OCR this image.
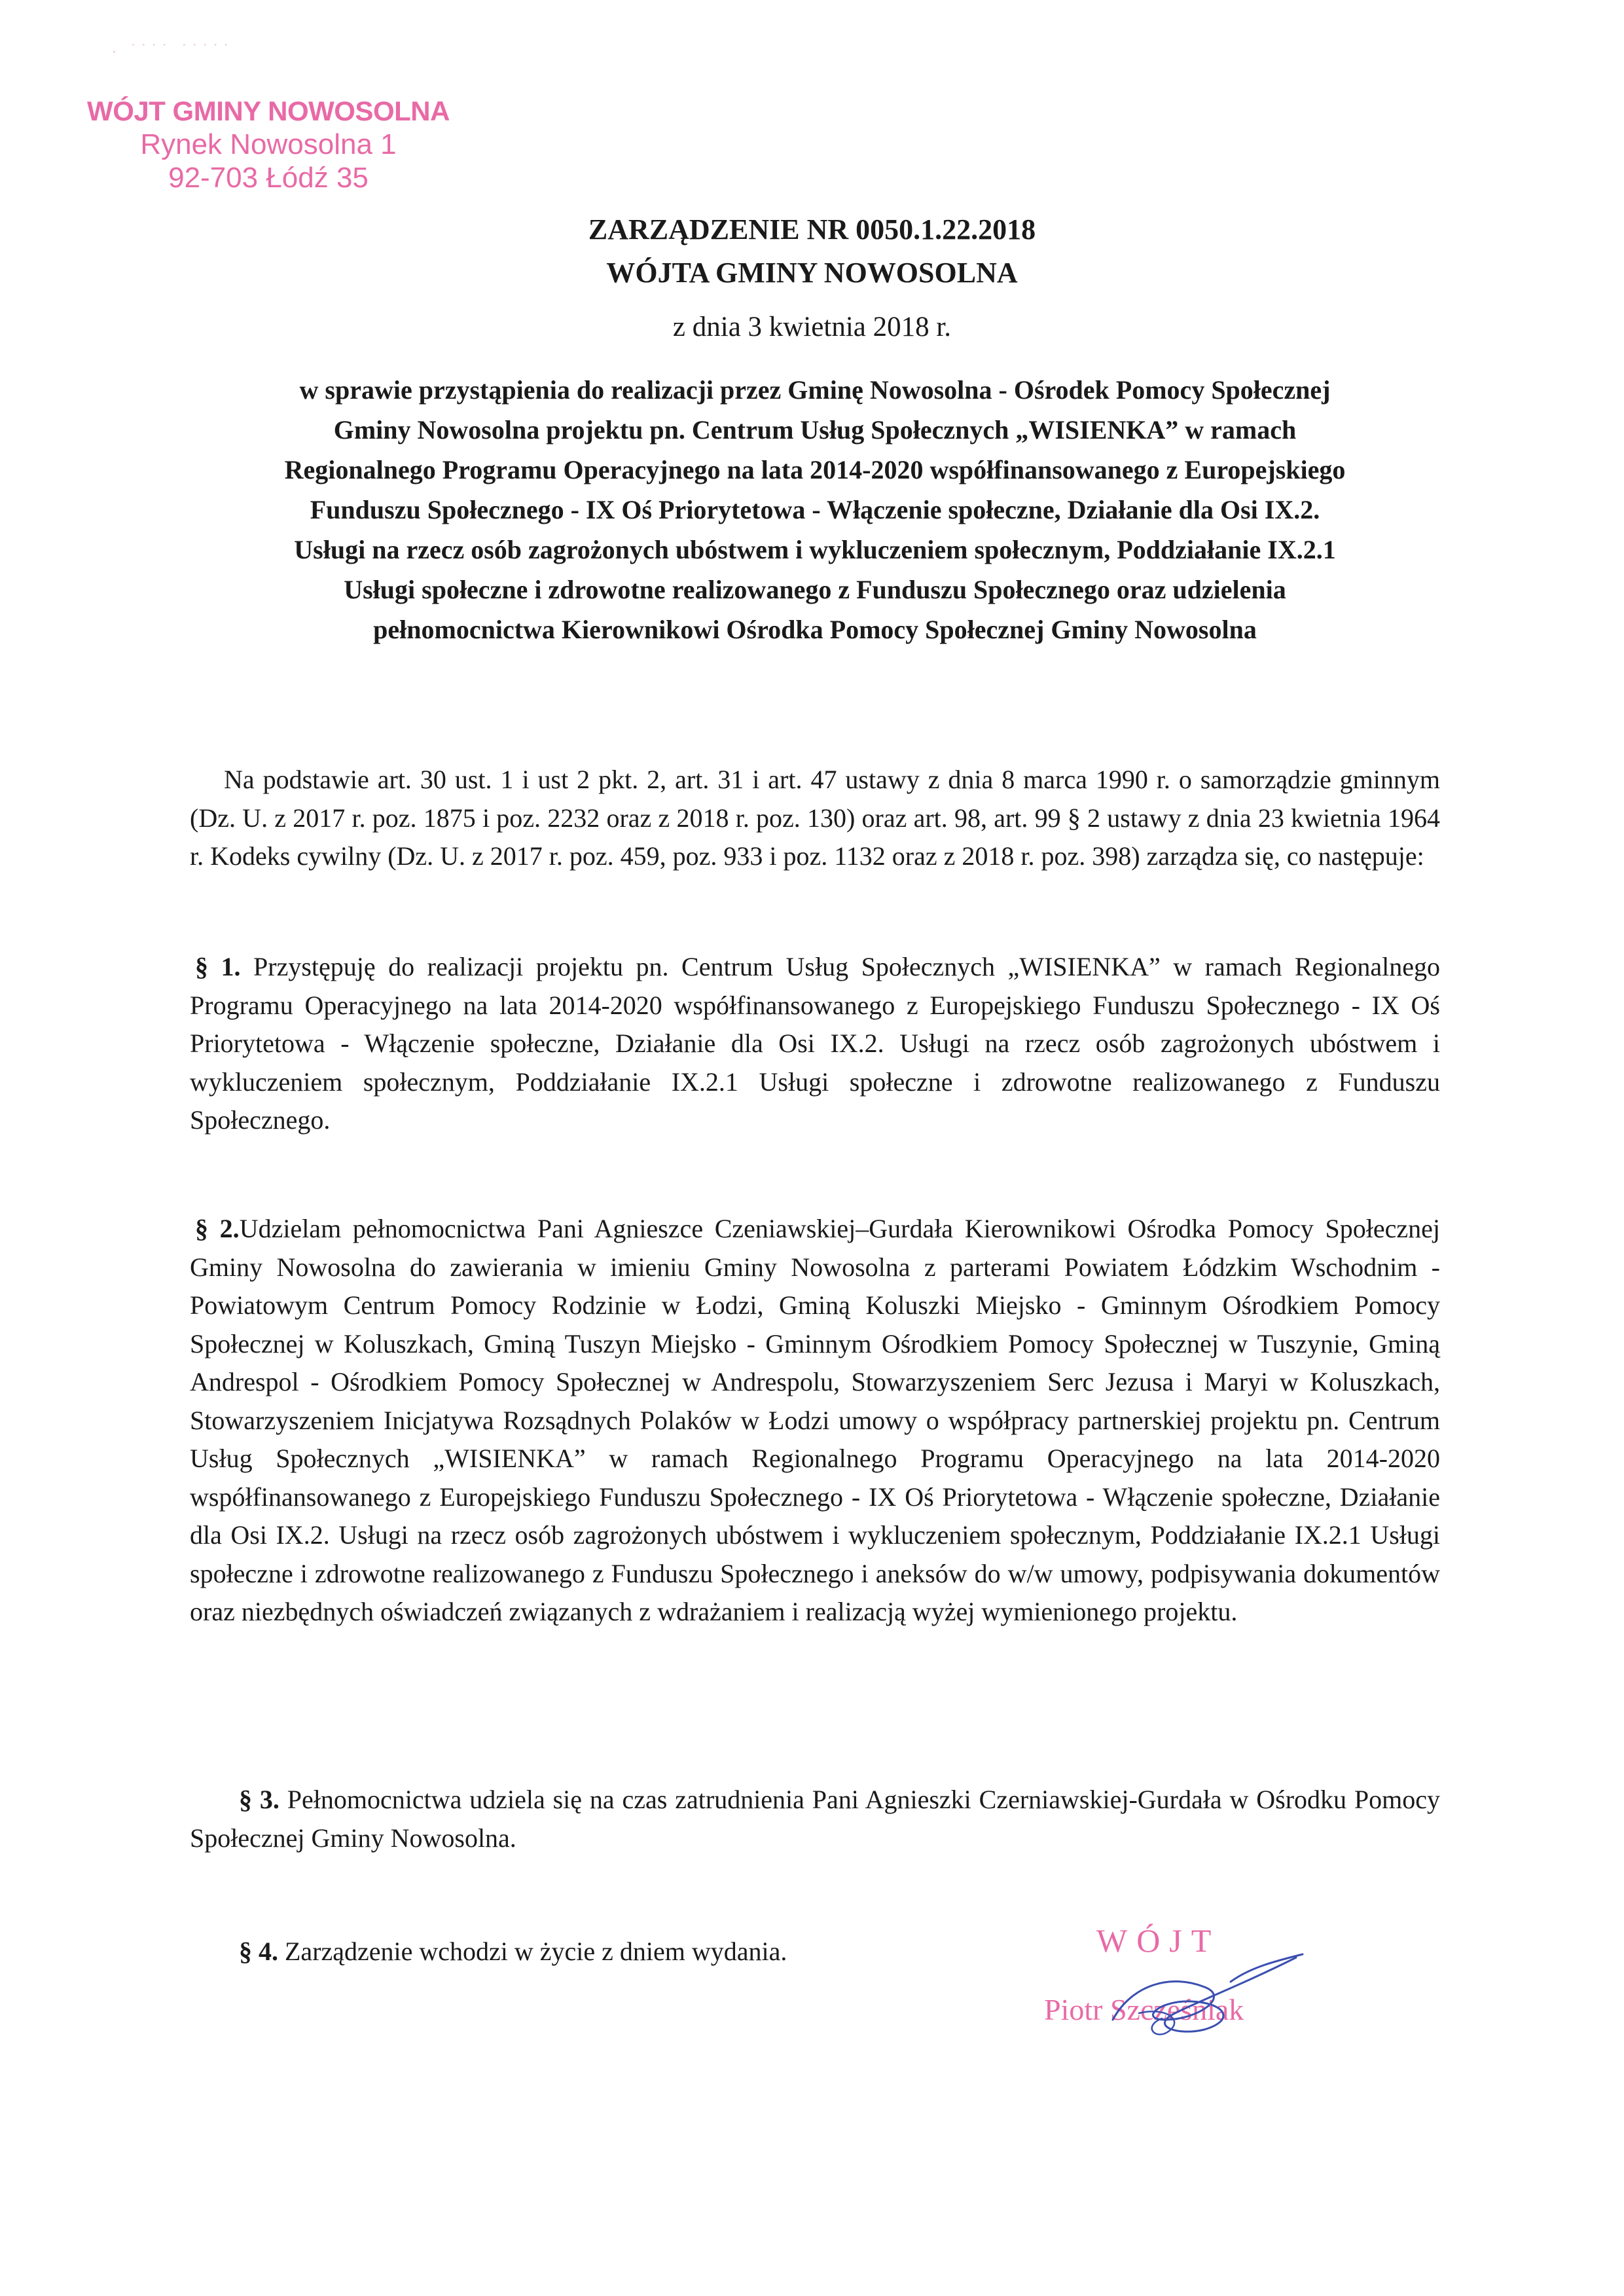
·   ˙ ˙ ˙ ˙   ˙ ˙ ˙ ˙ ˙
WÓJT GMINY NOWOSOLNA
Rynek Nowosolna 1
92-703 Łódź 35
ZARZĄDZENIE NR 0050.1.22.2018
WÓJTA GMINY NOWOSOLNA
z dnia 3 kwietnia 2018 r.
w sprawie przystąpienia do realizacji przez Gminę Nowosolna - Ośrodek Pomocy Społecznej
Gminy Nowosolna projektu pn. Centrum Usług Społecznych „WISIENKA” w ramach
Regionalnego Programu Operacyjnego na lata 2014-2020 współfinansowanego z Europejskiego
Funduszu Społecznego - IX Oś Priorytetowa - Włączenie społeczne, Działanie dla Osi IX.2.
Usługi na rzecz osób zagrożonych ubóstwem i wykluczeniem społecznym, Poddziałanie IX.2.1
Usługi społeczne i zdrowotne realizowanego z Funduszu Społecznego oraz udzielenia
pełnomocnictwa Kierownikowi Ośrodka Pomocy Społecznej Gminy Nowosolna
Na podstawie art. 30 ust. 1 i ust 2 pkt. 2, art. 31 i art. 47 ustawy z dnia 8 marca 1990 r. o samorządzie gminnym (Dz. U. z 2017 r. poz. 1875 i poz. 2232 oraz z 2018 r. poz. 130) oraz art. 98, art. 99 § 2 ustawy z dnia 23 kwietnia 1964 r. Kodeks cywilny (Dz. U. z 2017 r. poz. 459, poz. 933 i poz. 1132 oraz z 2018 r. poz. 398) zarządza się, co następuje:
§ 1. Przystępuję do realizacji projektu pn. Centrum Usług Społecznych „WISIENKA” w ramach Regionalnego Programu Operacyjnego na lata 2014-2020 współfinansowanego z Europejskiego Funduszu Społecznego - IX Oś Priorytetowa - Włączenie społeczne, Działanie dla Osi IX.2. Usługi na rzecz osób zagrożonych ubóstwem i wykluczeniem społecznym, Poddziałanie IX.2.1 Usługi społeczne i zdrowotne realizowanego z Funduszu Społecznego.
§ 2.Udzielam pełnomocnictwa Pani Agnieszce Czeniawskiej–Gurdała Kierownikowi Ośrodka Pomocy Społecznej Gminy Nowosolna do zawierania w imieniu Gminy Nowosolna z parterami Powiatem Łódzkim Wschodnim - Powiatowym Centrum Pomocy Rodzinie w Łodzi, Gminą Koluszki Miejsko - Gminnym Ośrodkiem Pomocy Społecznej w Koluszkach, Gminą Tuszyn Miejsko - Gminnym Ośrodkiem Pomocy Społecznej w Tuszynie, Gminą Andrespol - Ośrodkiem Pomocy Społecznej w Andrespolu, Stowarzyszeniem Serc Jezusa i Maryi w Koluszkach, Stowarzyszeniem Inicjatywa Rozsądnych Polaków w Łodzi umowy o współpracy partnerskiej projektu pn. Centrum Usług Społecznych „WISIENKA” w ramach Regionalnego Programu Operacyjnego na lata 2014-2020 współfinansowanego z Europejskiego Funduszu Społecznego - IX Oś Priorytetowa - Włączenie społeczne, Działanie dla Osi IX.2. Usługi na rzecz osób zagrożonych ubóstwem i wykluczeniem społecznym, Poddziałanie IX.2.1 Usługi społeczne i zdrowotne realizowanego z Funduszu Społecznego i aneksów do w/w umowy, podpisywania dokumentów oraz niezbędnych oświadczeń związanych z wdrażaniem i realizacją wyżej wymienionego projektu.
§ 3. Pełnomocnictwa udziela się na czas zatrudnienia Pani Agnieszki Czerniawskiej-Gurdała w Ośrodku Pomocy Społecznej Gminy Nowosolna.
§ 4. Zarządzenie wchodzi w życie z dniem wydania.	WÓJT
Piotr Szcześniak
